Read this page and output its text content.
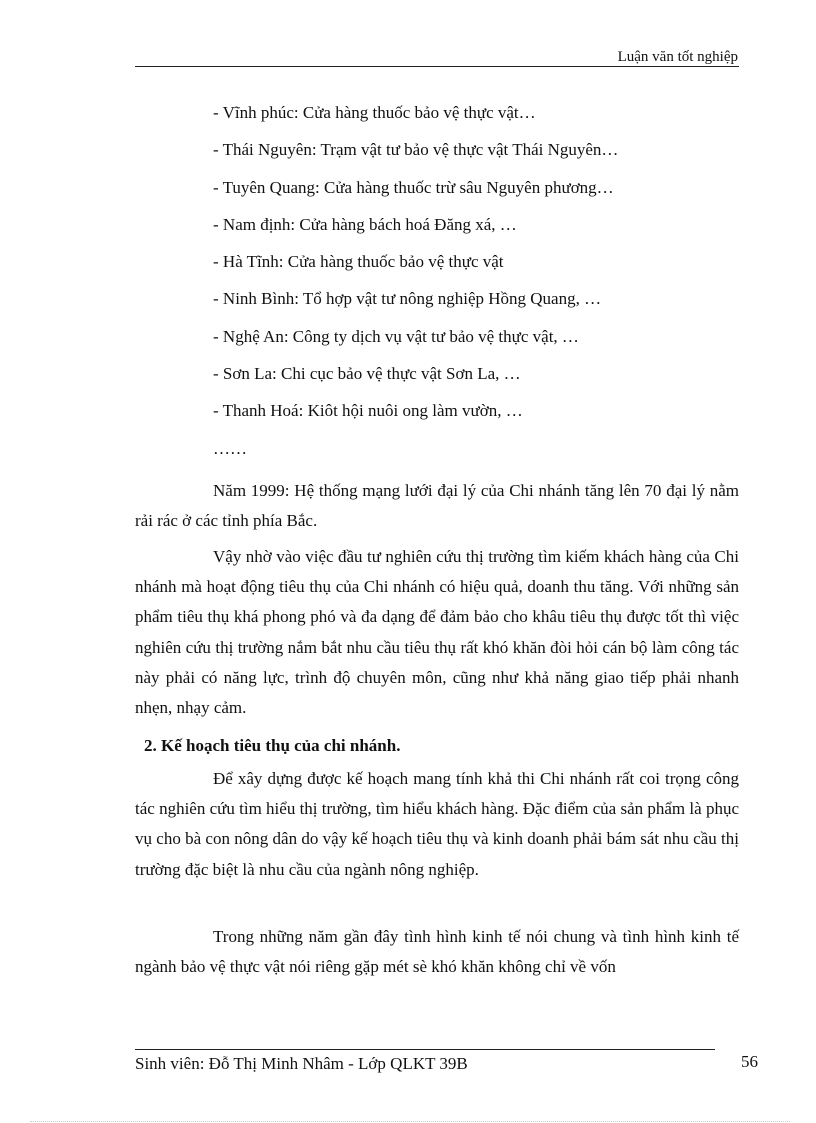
Luận văn tốt nghiệp
- Vĩnh phúc: Cửa hàng thuốc bảo vệ thực vật…
- Thái Nguyên: Trạm vật tư bảo vệ thực vật Thái Nguyên…
- Tuyên Quang: Cửa hàng thuốc trừ sâu Nguyên phương…
- Nam định: Cửa hàng bách hoá Đăng xá, …
- Hà Tĩnh: Cửa hàng thuốc bảo vệ thực vật
- Ninh Bình: Tổ hợp vật tư nông nghiệp Hồng Quang, …
- Nghệ An: Công ty dịch vụ vật tư bảo vệ thực vật, …
- Sơn La: Chi cục bảo vệ thực vật Sơn La, …
- Thanh Hoá: Kiôt hội nuôi ong làm vườn, …
……

Năm 1999: Hệ thống mạng lưới đại lý của Chi nhánh tăng lên 70 đại lý nằm rải rác ở các tỉnh phía Bắc.

Vậy nhờ vào việc đầu tư nghiên cứu thị trường tìm kiếm khách hàng của Chi nhánh mà hoạt động tiêu thụ của Chi nhánh có hiệu quả, doanh thu tăng. Với những sản phẩm tiêu thụ khá phong phó và đa dạng để đảm bảo cho khâu tiêu thụ được tốt thì việc nghiên cứu thị trường nắm bắt nhu cầu tiêu thụ rất khó khăn đòi hỏi cán bộ làm công tác này phải có năng lực, trình độ chuyên môn, cũng như khả năng giao tiếp phải nhanh nhẹn, nhạy cảm.

2. Kế hoạch tiêu thụ của chi nhánh.

Để xây dựng được kế hoạch mang tính khả thi Chi nhánh rất coi trọng công tác nghiên cứu tìm hiểu thị trường, tìm hiểu khách hàng. Đặc điểm của sản phẩm là phục vụ cho bà con nông dân do vậy kế hoạch tiêu thụ và kinh doanh phải bám sát nhu cầu thị trường đặc biệt là nhu cầu của ngành nông nghiệp.

Trong những năm gần đây tình hình kinh tế nói chung và tình hình kinh tế ngành bảo vệ thực vật nói riêng gặp mét sè khó khăn không chỉ về vốn

Sinh viên: Đỗ Thị Minh Nhâm - Lớp QLKT 39B	56
